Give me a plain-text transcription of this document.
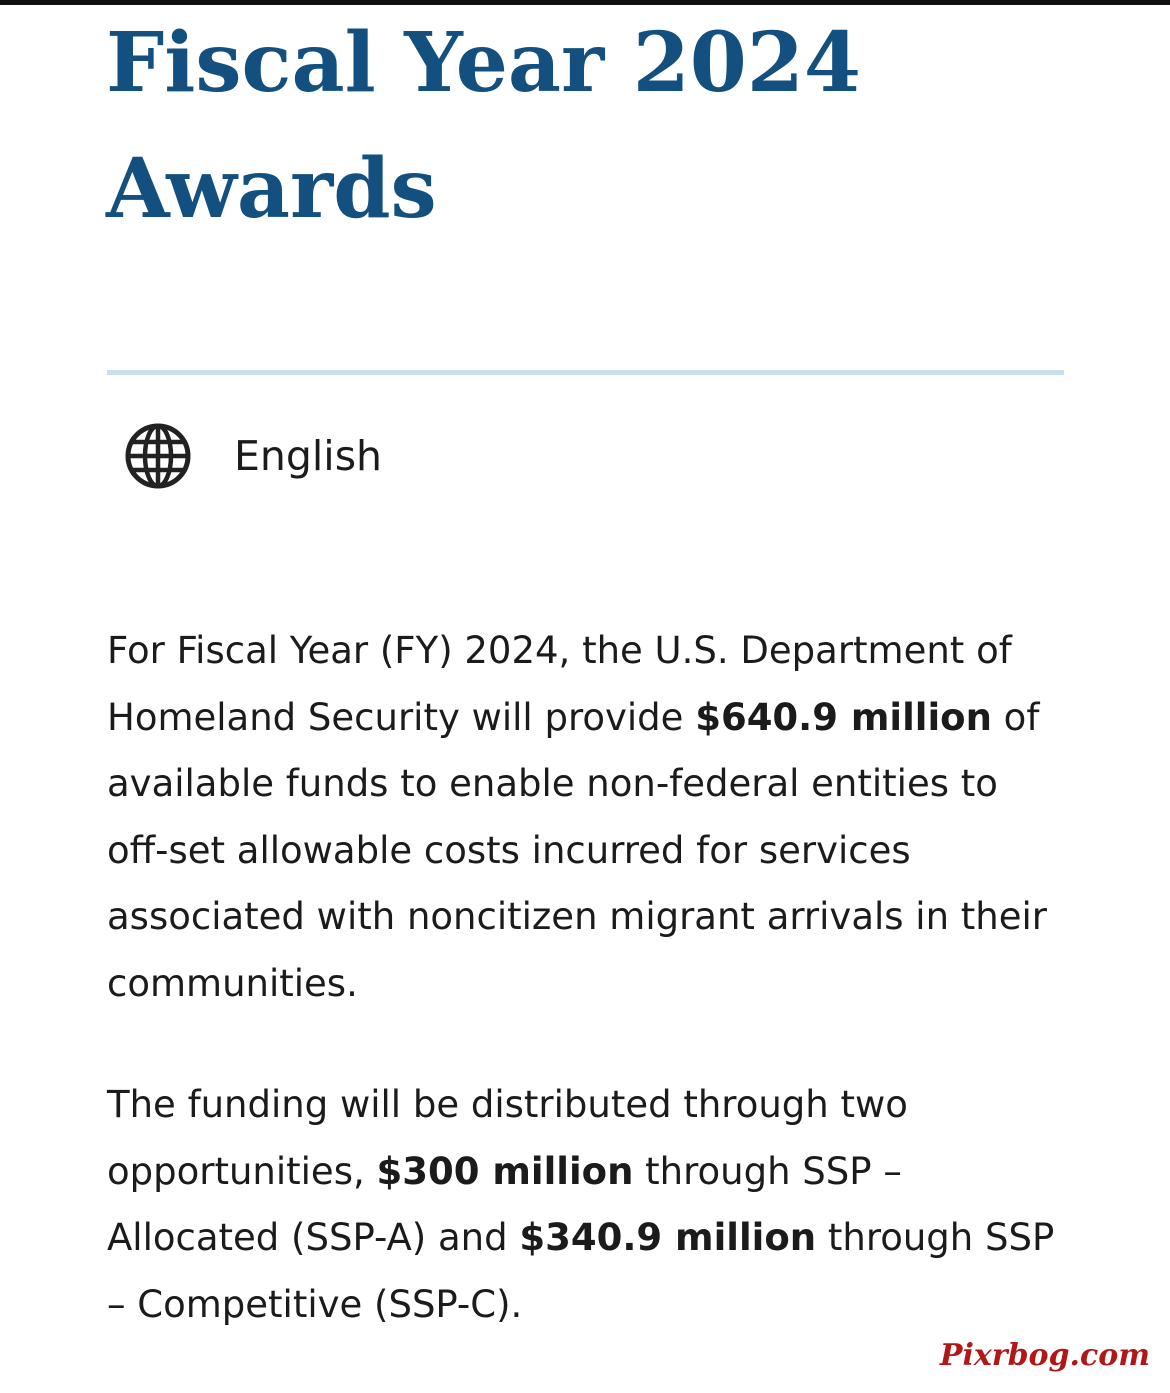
Fiscal Year 2024
Awards
English

For Fiscal Year (FY) 2024, the U.S. Department of Homeland Security will provide $640.9 million of available funds to enable non-federal entities to off-set allowable costs incurred for services associated with noncitizen migrant arrivals in their communities.

The funding will be distributed through two opportunities, $300 million through SSP – Allocated (SSP-A) and $340.9 million through SSP – Competitive (SSP-C).

Pixrbog.com
